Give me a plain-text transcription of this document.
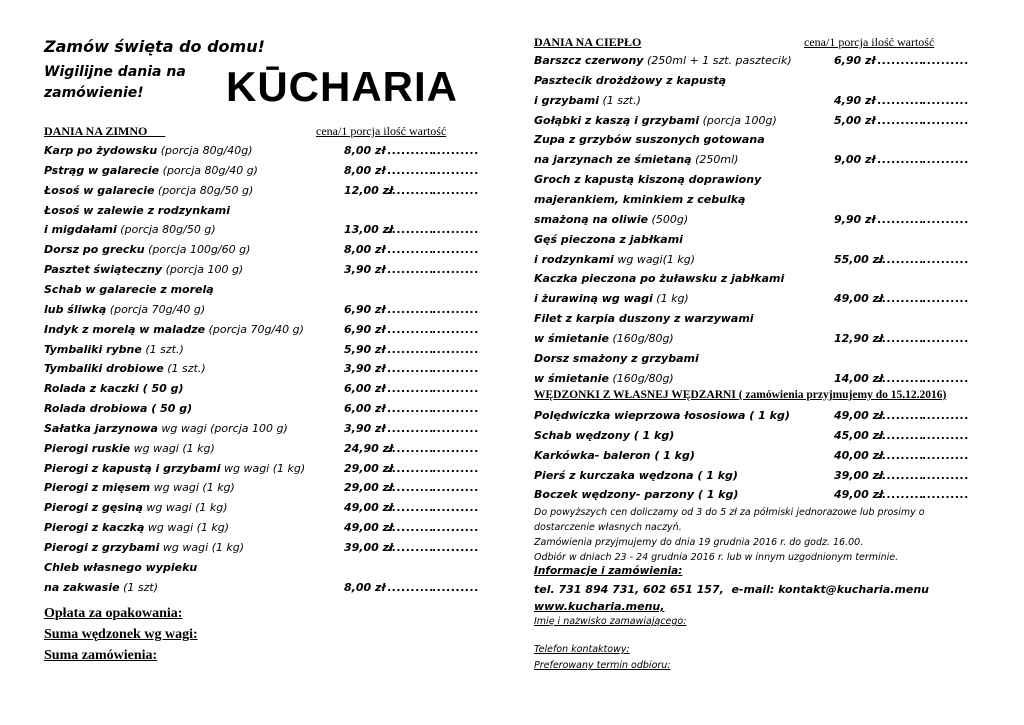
Zamów święta do domu!
Wigilijne dania na zamówienie!	KŪCHARIA
DANIA NA ZIMNO	cena/1 porcja ilość wartość
Karp po żydowsku (porcja 80g/40g)	8,00 zł ..........
..........
Pstrąg w galarecie (porcja 80g/40 g)	8,00 zł ..........
..........
Łosoś w galarecie (porcja 80g/50 g)	12,00 zł
..........
..........
Łosoś w zalewie z rodzynkami
i migdałami (porcja 80g/50 g)	13,00 zł
..........
..........
Dorsz po grecku (porcja 100g/60 g)	8,00 zł ..........
..........
Pasztet świąteczny (porcja 100 g)	3,90 zł ..........
..........
Schab w galarecie z morelą
lub śliwką (porcja 70g/40 g)	6,90 zł ..........
..........
Indyk z morelą w maladze (porcja 70g/40 g)	6,90 zł ..........
..........
Tymbaliki rybne (1 szt.)	5,90 zł ..........
..........
Tymbaliki drobiowe (1 szt.)	3,90 zł ..........
..........
Rolada z kaczki ( 50 g)	6,00 zł ..........
..........
Rolada drobiowa ( 50 g)	6,00 zł ..........
..........
Sałatka jarzynowa wg wagi (porcja 100 g)	3,90 zł ..........
..........
Pierogi ruskie wg wagi (1 kg)	24,90 zł
..........
..........
Pierogi z kapustą i grzybami wg wagi (1 kg)	29,00 zł
..........
..........
Pierogi z mięsem wg wagi (1 kg)	29,00 zł
..........
..........
Pierogi z gęsiną wg wagi (1 kg)	49,00 zł
..........
..........
Pierogi z kaczką wg wagi (1 kg)	49,00 zł
..........
..........
Pierogi z grzybami wg wagi (1 kg)	39,00 zł
..........
..........
Chleb własnego wypieku
na zakwasie (1 szt)	8,00 zł ..........
..........
Opłata za opakowania:
Suma wędzonek wg wagi:
Suma zamówienia:
DANIA NA CIEPŁO	cena/1 porcja ilość wartość
Barszcz czerwony (250ml + 1 szt. pasztecik)	6,90 zł ..........
..........
Pasztecik drożdżowy z kapustą
i grzybami (1 szt.)	4,90 zł ..........
..........
Gołąbki z kaszą i grzybami (porcja 100g)	5,00 zł ..........
..........
Zupa z grzybów suszonych gotowana
na jarzynach ze śmietaną (250ml)	9,00 zł ..........
..........
Groch z kapustą kiszoną doprawiony
majerankiem, kminkiem z cebulką
smażoną na oliwie (500g)	9,90 zł ..........
..........
Gęś pieczona z jabłkami
i rodzynkami wg wagi(1 kg)	55,00 zł
..........
..........
Kaczka pieczona po żuławsku z jabłkami
i żurawiną wg wagi (1 kg)	49,00 zł
..........
..........
Filet z karpia duszony z warzywami
w śmietanie (160g/80g)	12,90 zł
..........
..........
Dorsz smażony z grzybami
w śmietanie (160g/80g)	14,00 zł
..........
..........
WĘDZONKI Z WŁASNEJ WĘDZARNI ( zamówienia przyjmujemy do 15.12.2016)
Polędwiczka wieprzowa łososiowa ( 1 kg)	49,00 zł
..........
..........
Schab wędzony ( 1 kg)	45,00 zł
..........
..........
Karkówka- baleron ( 1 kg)	40,00 zł
..........
..........
Pierś z kurczaka wędzona ( 1 kg)	39,00 zł
..........
..........
Boczek wędzony- parzony ( 1 kg)	49,00 zł
..........
..........
Do powyższych cen doliczamy od 3 do 5 zł za półmiski jednorazowe lub prosimy o
dostarczenie własnych naczyń.
Zamówienia przyjmujemy do dnia 19 grudnia 2016 r. do godz. 16.00.
Odbiór w dniach 23 - 24 grudnia 2016 r. lub w innym uzgodnionym terminie.
Informacje i zamówienia:
tel. 731 894 731, 602 651 157, e-mail: kontakt@kucharia.menu
www.kucharia.menu,
Imię i nazwisko zamawiającego:
Telefon kontaktowy:
Preferowany termin odbioru:
